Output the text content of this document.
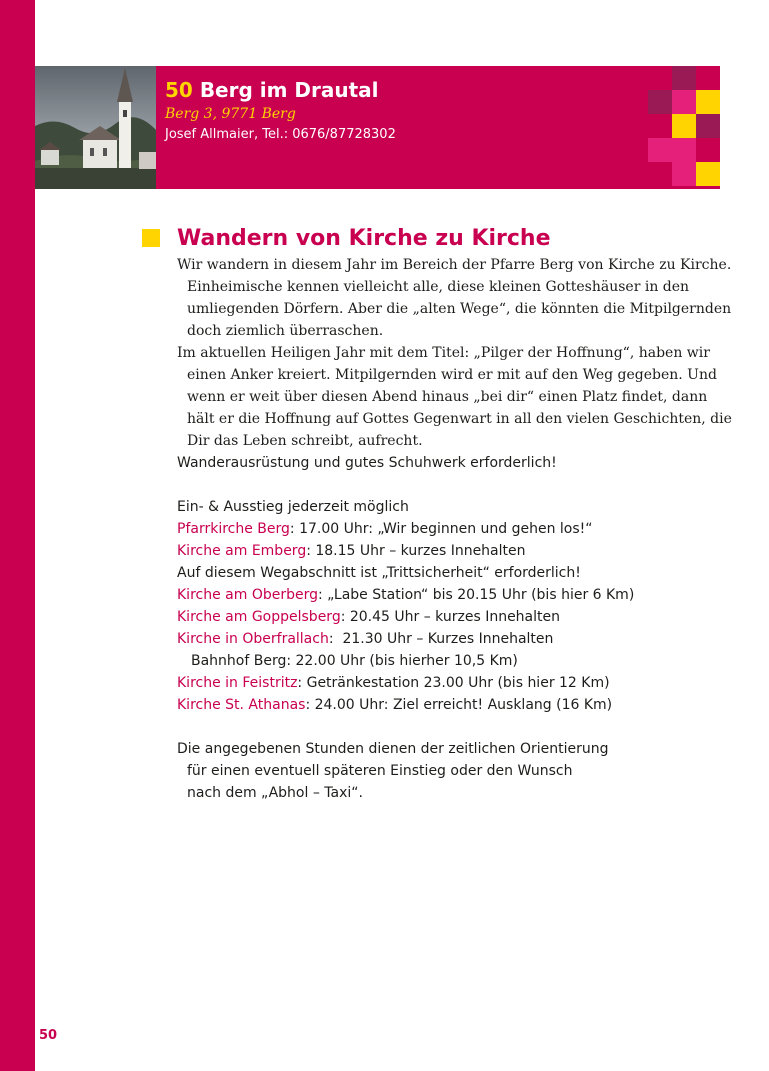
50 Berg im Drautal
Berg 3, 9771 Berg
Josef Allmaier, Tel.: 0676/87728302
Wandern von Kirche zu Kirche

Wir wandern in diesem Jahr im Bereich der Pfarre Berg von Kirche zu Kirche. Einheimische kennen vielleicht alle, diese kleinen Gotteshäuser in den umliegenden Dörfern. Aber die „alten Wege“, die könnten die Mitpilgernden doch ziemlich überraschen.

Im aktuellen Heiligen Jahr mit dem Titel: „Pilger der Hoffnung“, haben wir einen Anker kreiert. Mitpilgernden wird er mit auf den Weg gegeben. Und wenn er weit über diesen Abend hinaus „bei dir“ einen Platz findet, dann hält er die Hoffnung auf Gottes Gegenwart in all den vielen Geschichten, die Dir das Leben schreibt, aufrecht.

Wanderausrüstung und gutes Schuhwerk erforderlich!

Ein- & Ausstieg jederzeit möglich

Pfarrkirche Berg: 17.00 Uhr: „Wir beginnen und gehen los!“

Kirche am Emberg: 18.15 Uhr – kurzes Innehalten

Auf diesem Wegabschnitt ist „Trittsicherheit“ erforderlich!

Kirche am Oberberg: „Labe Station“ bis 20.15 Uhr (bis hier 6 Km)

Kirche am Goppelsberg: 20.45 Uhr – kurzes Innehalten

Kirche in Oberfrallach:  21.30 Uhr – Kurzes Innehalten

Bahnhof Berg: 22.00 Uhr (bis hierher 10,5 Km)

Kirche in Feistritz: Getränkestation 23.00 Uhr (bis hier 12 Km)

Kirche St. Athanas: 24.00 Uhr: Ziel erreicht! Ausklang (16 Km)

Die angegebenen Stunden dienen der zeitlichen Orientierung

für einen eventuell späteren Einstieg oder den Wunsch

nach dem „Abhol – Taxi“.

50
